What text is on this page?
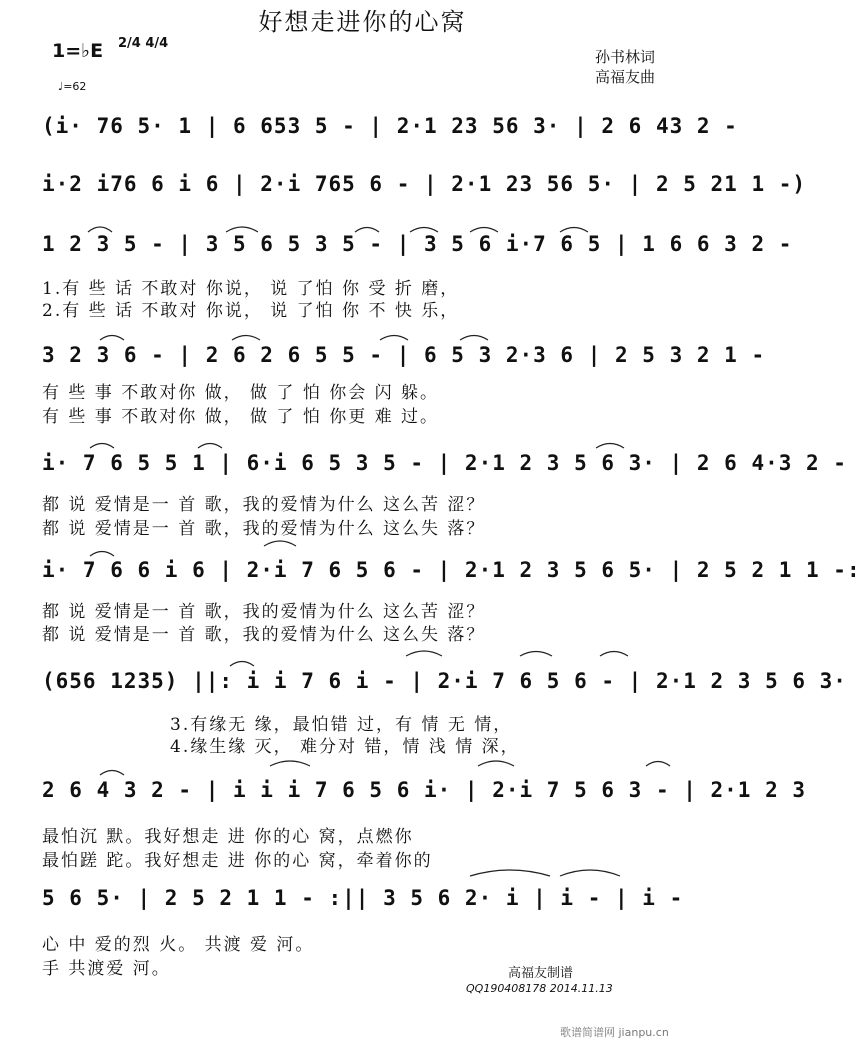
好想走进你的心窝
1=♭E 2/4 4/4
♩=62
孙书林词
高福友曲
(i· 76 5· 1 | 6 653 5 - | 2·1 23 56 3· | 2 6 43 2 -
i·2 i76 6 i 6 | 2·i 765 6 - | 2·1 23 56 5· | 2 5 21 1 -)
1 2 3 5 - | 3 5 6 5 3 5 - | 3 5 6 i·7 6 5 | 1 6 6 3 2 -
3 2 3 6 - | 2 6 2 6 5 5 - | 6 5 3 2·3 6 | 2 5 3 2 1 -
i· 7 6 5 5 1 | 6·i 6 5 3 5 - | 2·1 2 3 5 6 3· | 2 6 4·3 2 -
i· 7 6 6 i 6 | 2·i 7 6 5 6 - | 2·1 2 3 5 6 5· | 2 5 2 1 1 -:
(656 1235) ||: i i 7 6 i - | 2·i 7 6 5 6 - | 2·1 2 3 5 6 3·
2 6 4 3 2 - | i i i 7 6 5 6 i· | 2·i 7 5 6 3 - | 2·1 2 3
5 6 5· | 2 5 2 1 1 - :|| 3 5 6 2· i | i - | i -
1.有 些 话 不敢对 你说， 说 了怕 你 受 折 磨，
2.有 些 话 不敢对 你说， 说 了怕 你 不 快 乐，
有 些 事 不敢对你 做， 做 了 怕 你会 闪 躲。
有 些 事 不敢对你 做， 做 了 怕 你更 难 过。
都 说 爱情是一 首 歌，我的爱情为什么 这么苦 涩？
都 说 爱情是一 首 歌，我的爱情为什么 这么失 落？
都 说 爱情是一 首 歌，我的爱情为什么 这么苦 涩？
都 说 爱情是一 首 歌，我的爱情为什么 这么失 落？
3.有缘无 缘，最怕错 过，有 情 无 情，
4.缘生缘 灭， 难分对 错，情 浅 情 深，
最怕沉 默。我好想走 进 你的心 窝，点燃你
最怕蹉 跎。我好想走 进 你的心 窝，牵着你的
心 中 爱的烈 火。 共渡 爱 河。
手 共渡爱 河。	高福友制谱
QQ190408178 2014.11.13
歌谱简谱网 jianpu.cn
